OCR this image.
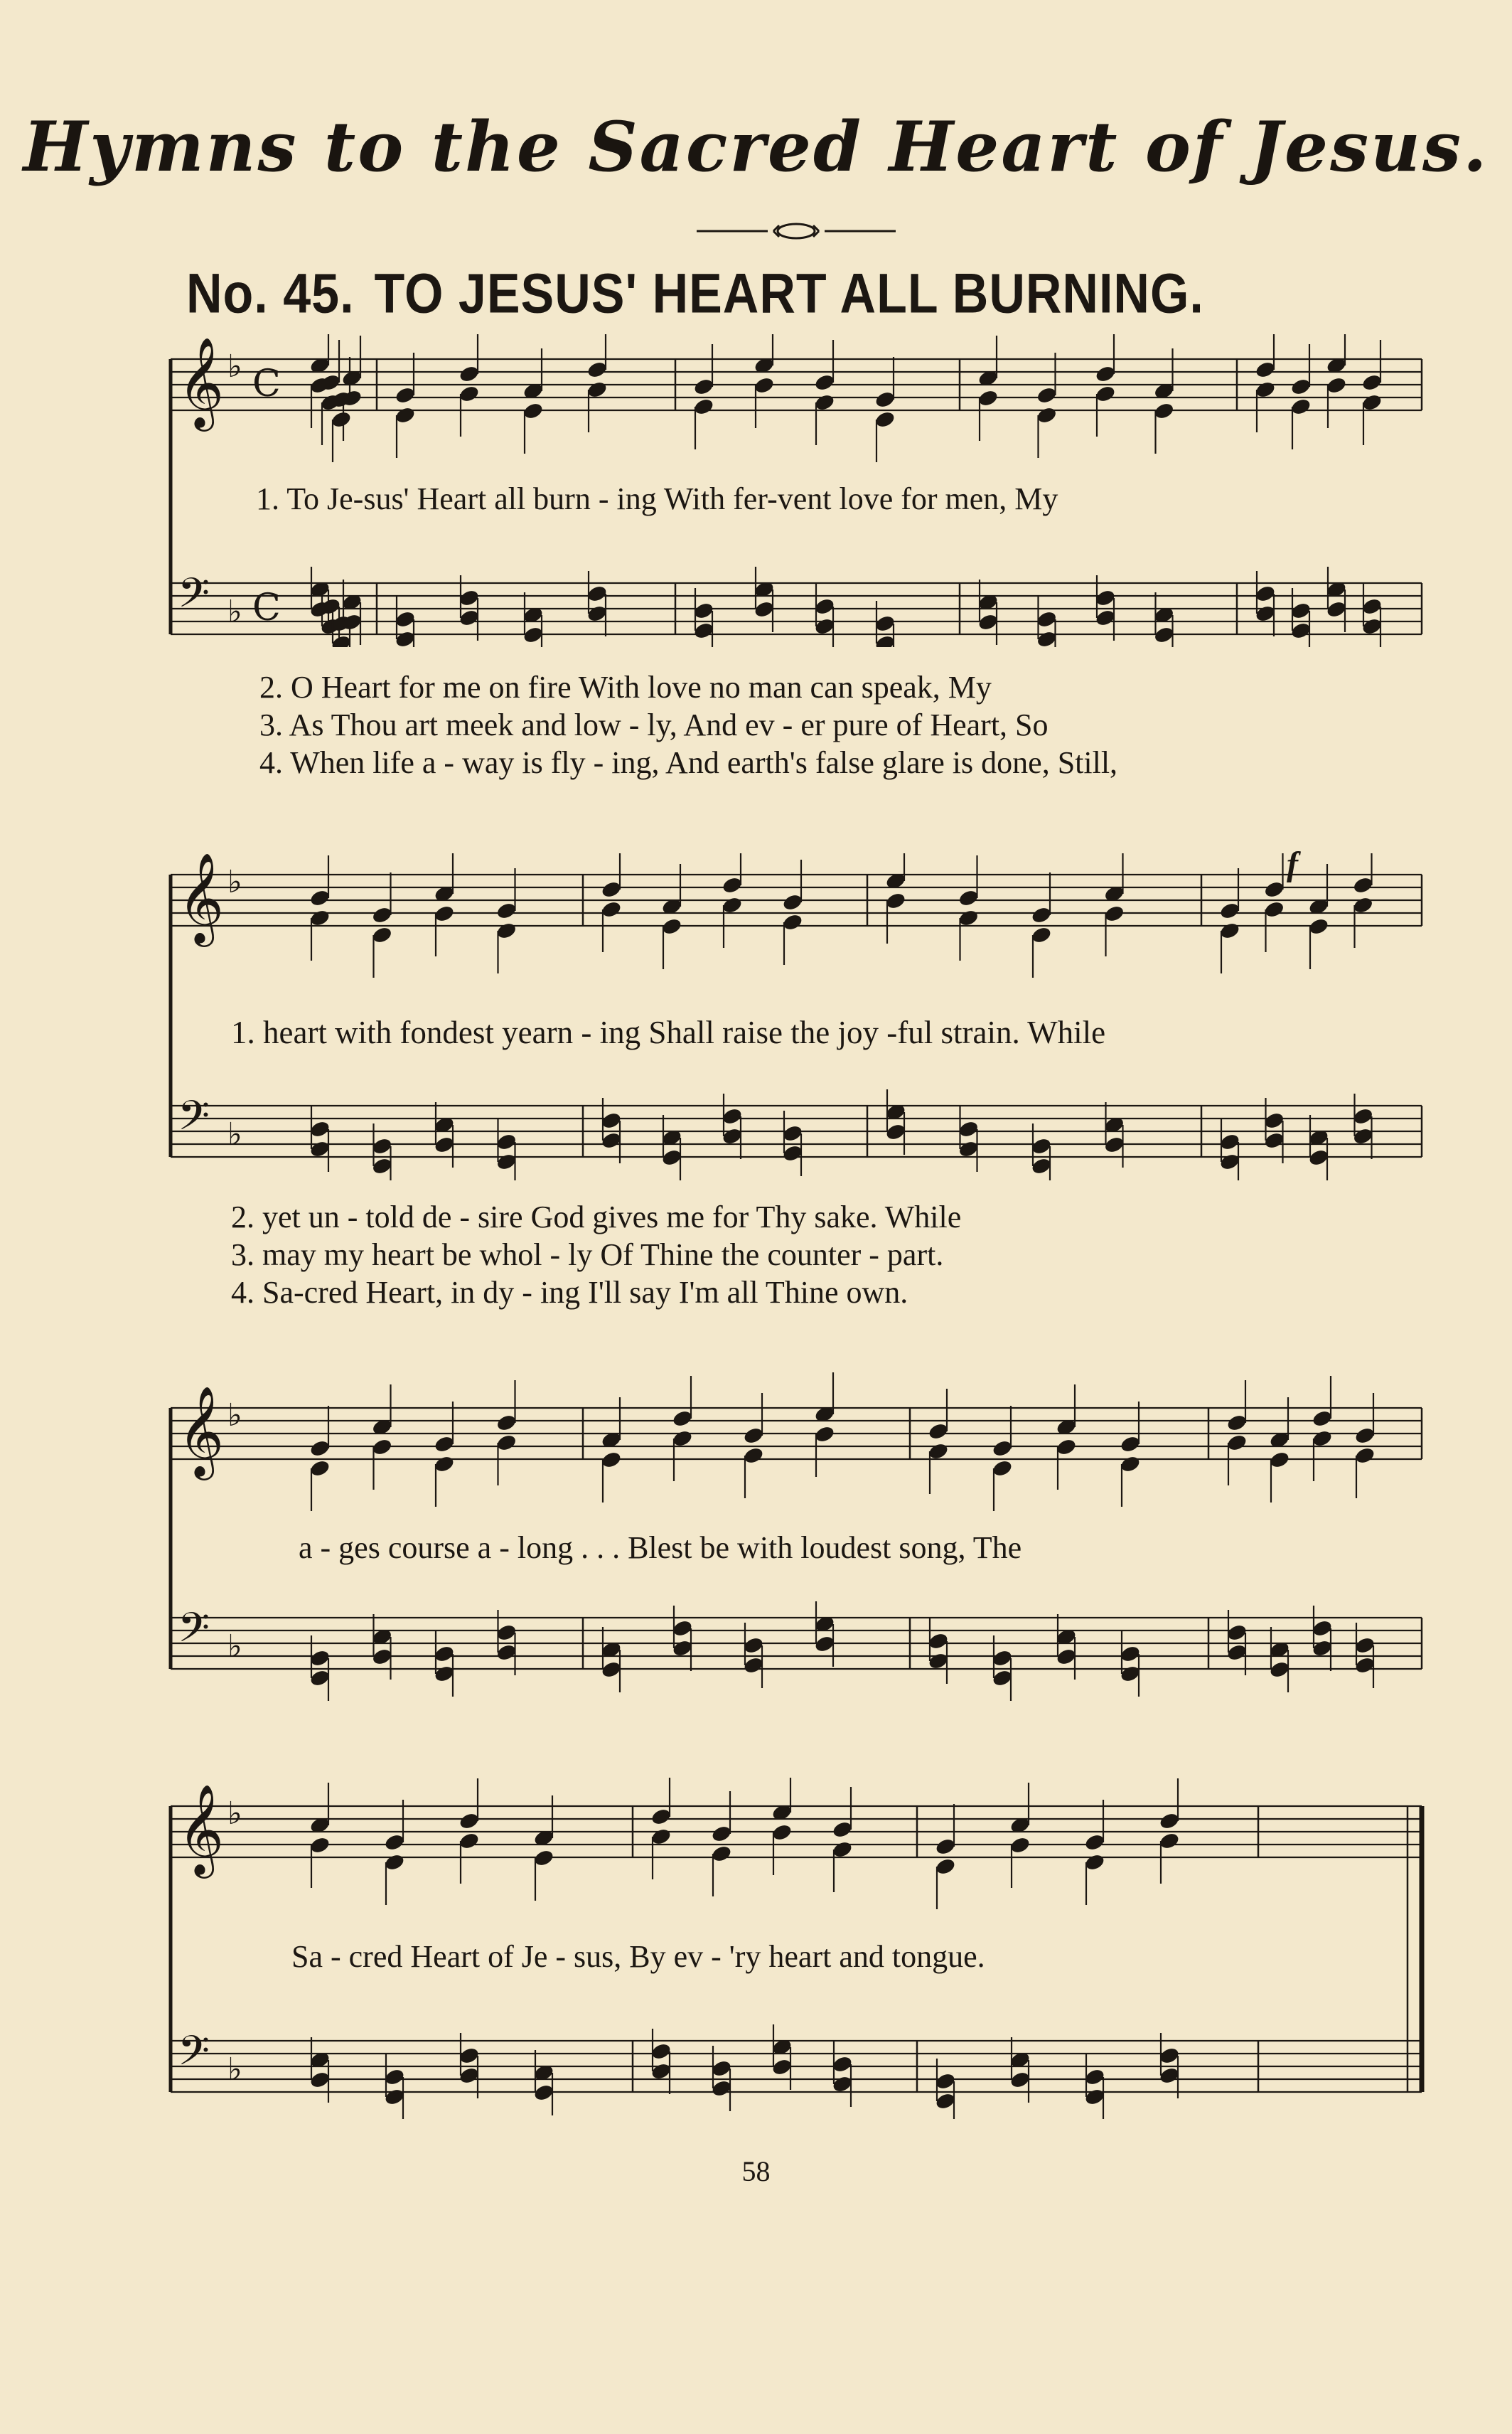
Hymns to the Sacred Heart of Jesus.
No. 45. TO JESUS' HEART ALL BURNING.
𝄞 ♭ C
𝄢 ♭ C
1. To Je-sus' Heart all burn - ing With fer-vent love for men, My
2. O Heart for me on fire With love no man can speak, My
3. As Thou art meek and low - ly, And ev - er pure of Heart, So
4. When life a - way is fly - ing, And earth's false glare is done, Still,
𝄞 ♭
𝄢 ♭
1. heart with fondest yearn - ing Shall raise the joy -ful strain. While
2. yet un - told de - sire God gives me for Thy sake. While
3. may my heart be whol - ly Of Thine the counter - part.
4. Sa-cred Heart, in dy - ing I'll say I'm all Thine own.
f
𝄞 ♭
𝄢 ♭
a - ges course a - long . . . Blest be with loudest song, The
𝄞 ♭
𝄢 ♭
Sa - cred Heart of Je - sus, By ev - 'ry heart and tongue.
58
